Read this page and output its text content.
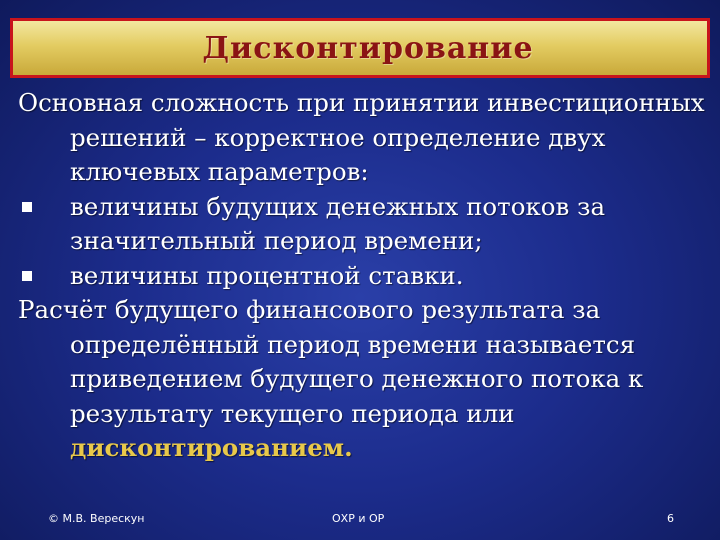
Дисконтирование

Основная сложность при принятии инвестиционных решений – корректное определение двух ключевых параметров:

величины будущих денежных потоков за значительный период времени;
величины процентной ставки.

Расчёт будущего финансового результата за определённый период времени называется приведением будущего денежного потока к результату текущего периода или дисконтированием.

© М.В. Верескун	ОХР и ОР	6
